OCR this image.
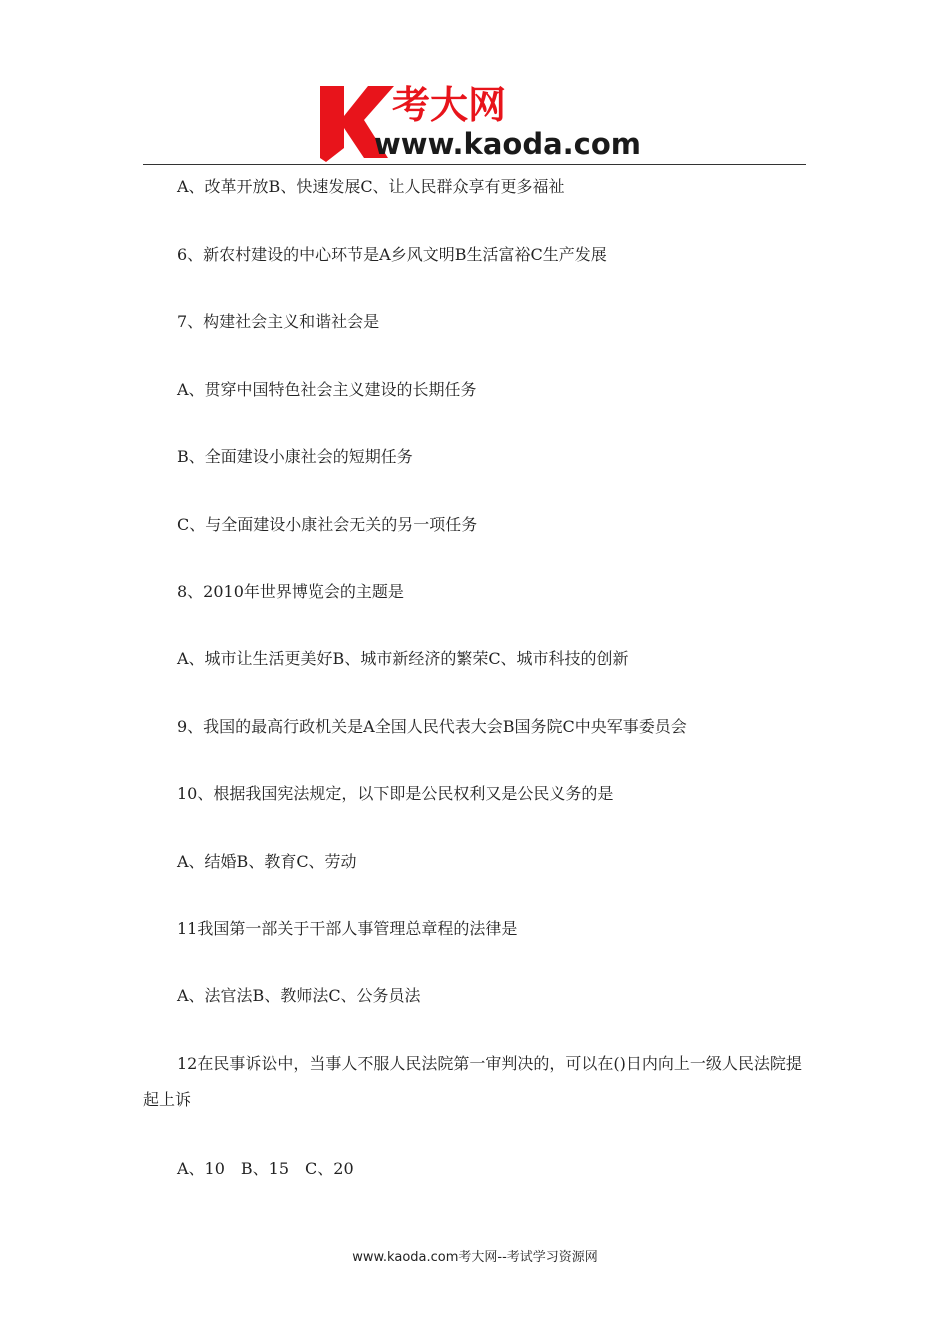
考大网
www.kaoda.com
A、改革开放B、快速发展C、让人民群众享有更多福祉
6、新农村建设的中心环节是A乡风文明B生活富裕C生产发展
7、构建社会主义和谐社会是
A、贯穿中国特色社会主义建设的长期任务
B、全面建设小康社会的短期任务
C、与全面建设小康社会无关的另一项任务
8、2010年世界博览会的主题是
A、城市让生活更美好B、城市新经济的繁荣C、城市科技的创新
9、我国的最高行政机关是A全国人民代表大会B国务院C中央军事委员会
10、根据我国宪法规定，以下即是公民权利又是公民义务的是
A、结婚B、教育C、劳动
11我国第一部关于干部人事管理总章程的法律是
A、法官法B、教师法C、公务员法
12在民事诉讼中，当事人不服人民法院第一审判决的，可以在()日内向上一级人民法院提起上诉
A、10　B、15　C、20
www.kaoda.com考大网--考试学习资源网
